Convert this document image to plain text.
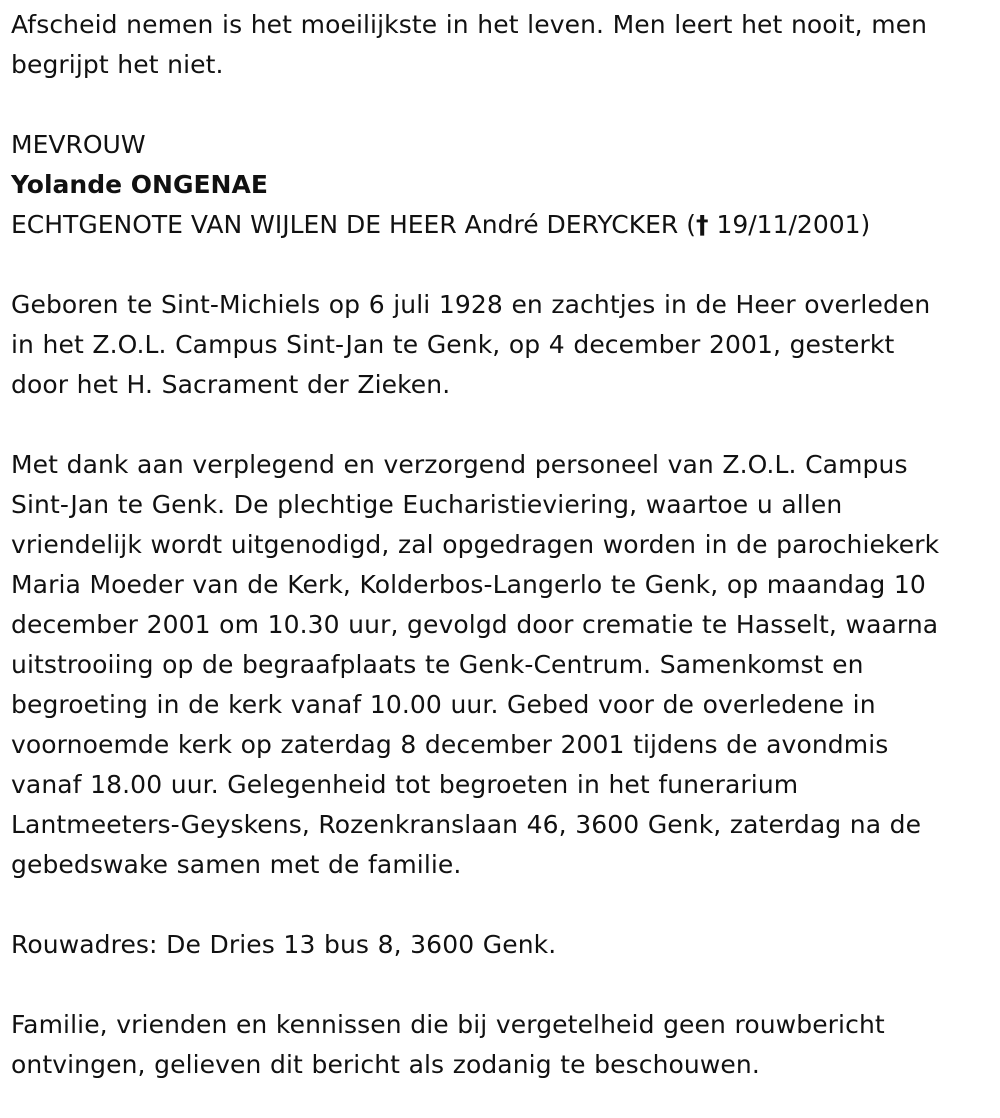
Afscheid nemen is het moeilijkste in het leven. Men leert het nooit, men
begrijpt het niet.

MEVROUW
Yolande ONGENAE
ECHTGENOTE VAN WIJLEN DE HEER André DERYCKER († 19/11/2001)

Geboren te Sint-Michiels op 6 juli 1928 en zachtjes in de Heer overleden
in het Z.O.L. Campus Sint-Jan te Genk, op 4 december 2001, gesterkt
door het H. Sacrament der Zieken.

Met dank aan verplegend en verzorgend personeel van Z.O.L. Campus
Sint-Jan te Genk. De plechtige Eucharistieviering, waartoe u allen
vriendelijk wordt uitgenodigd, zal opgedragen worden in de parochiekerk
Maria Moeder van de Kerk, Kolderbos-Langerlo te Genk, op maandag 10
december 2001 om 10.30 uur, gevolgd door crematie te Hasselt, waarna
uitstrooiing op de begraafplaats te Genk-Centrum. Samenkomst en
begroeting in de kerk vanaf 10.00 uur. Gebed voor de overledene in
voornoemde kerk op zaterdag 8 december 2001 tijdens de avondmis
vanaf 18.00 uur. Gelegenheid tot begroeten in het funerarium
Lantmeeters-Geyskens, Rozenkranslaan 46, 3600 Genk, zaterdag na de
gebedswake samen met de familie.

Rouwadres: De Dries 13 bus 8, 3600 Genk.

Familie, vrienden en kennissen die bij vergetelheid geen rouwbericht
ontvingen, gelieven dit bericht als zodanig te beschouwen.
